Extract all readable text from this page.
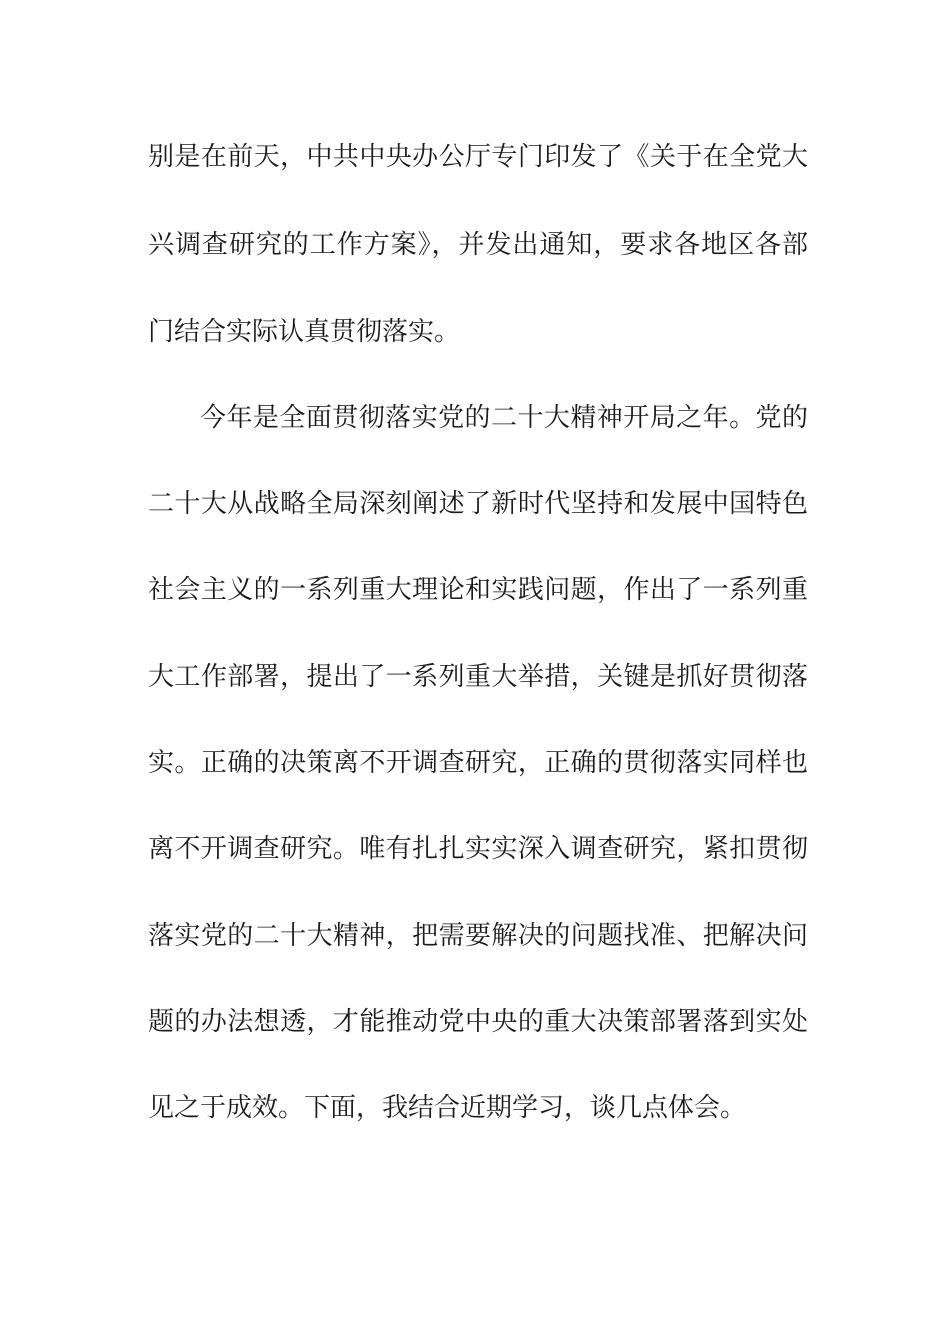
别是在前天，中共中央办公厅专门印发了《关于在全党大
兴调查研究的工作方案》，并发出通知，要求各地区各部
门结合实际认真贯彻落实。
今年是全面贯彻落实党的二十大精神开局之年。党的
二十大从战略全局深刻阐述了新时代坚持和发展中国特色
社会主义的一系列重大理论和实践问题，作出了一系列重
大工作部署，提出了一系列重大举措，关键是抓好贯彻落
实。正确的决策离不开调查研究，正确的贯彻落实同样也
离不开调查研究。唯有扎扎实实深入调查研究，紧扣贯彻
落实党的二十大精神，把需要解决的问题找准、把解决问
题的办法想透，才能推动党中央的重大决策部署落到实处
见之于成效。下面，我结合近期学习，谈几点体会。
